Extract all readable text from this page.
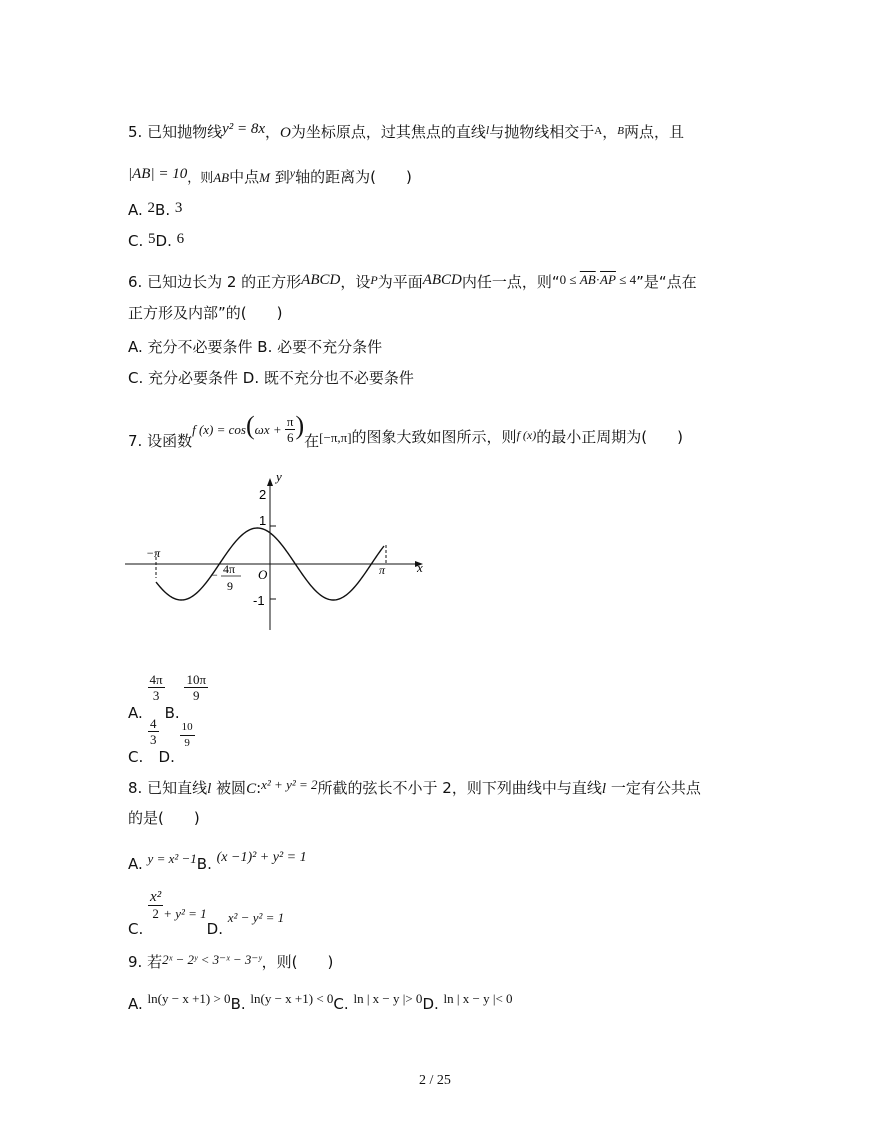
5. 已知抛物线y² = 8x，O为坐标原点，过其焦点的直线$^l$与抛物线相交于$^A$，$^B$两点，且
|AB| = 10，则AB中点M 到$^y$轴的距离为(　　)
A. 2B. 3
C. 5D. 6
6. 已知边长为 2 的正方形ABCD，设$^P$为平面ABCD内任一点，则“$0 \le \overline{AB}\cdot\overline{AP} \le 4$”是“点在
正方形及内部”的(　　)
A. 充分不必要条件 B. 必要不充分条件
C. 充分必要条件 D. 既不充分也不必要条件
7. 设函数f $(x) = \cos(\omega x + \frac{\pi}{6}$ )在[−π,π]的图象大致如图所示，则$^{f (x)}$的最小正周期为(　　)
y
x
2
1
-1
O
−π
π
− 4π
9
A.
$\frac{4\pi}{3}$
B.
$\frac{10\pi}{9}$
C.
$\frac{4}{3}$
D.
$\frac{10}{9}$
8. 已知直线l 被圆C:x² + y² = 2所截的弦长不小于 2，则下列曲线中与直线l 一定有公共点
的是(　　)
A. y = x² −1B. (x −1)² + y² = 1
C.
$\frac{\text{x²}}{2} + y^2 = 1D$. x² − y² = 1
9. 若2ˣ − 2ʸ < 3⁻ˣ − 3⁻ʸ，则(　　)
A. ln(y − x +1) > 0B. ln(y − x +1) < 0C. ln | x − y |> 0D. ln | x − y |< 0
2 / 25
